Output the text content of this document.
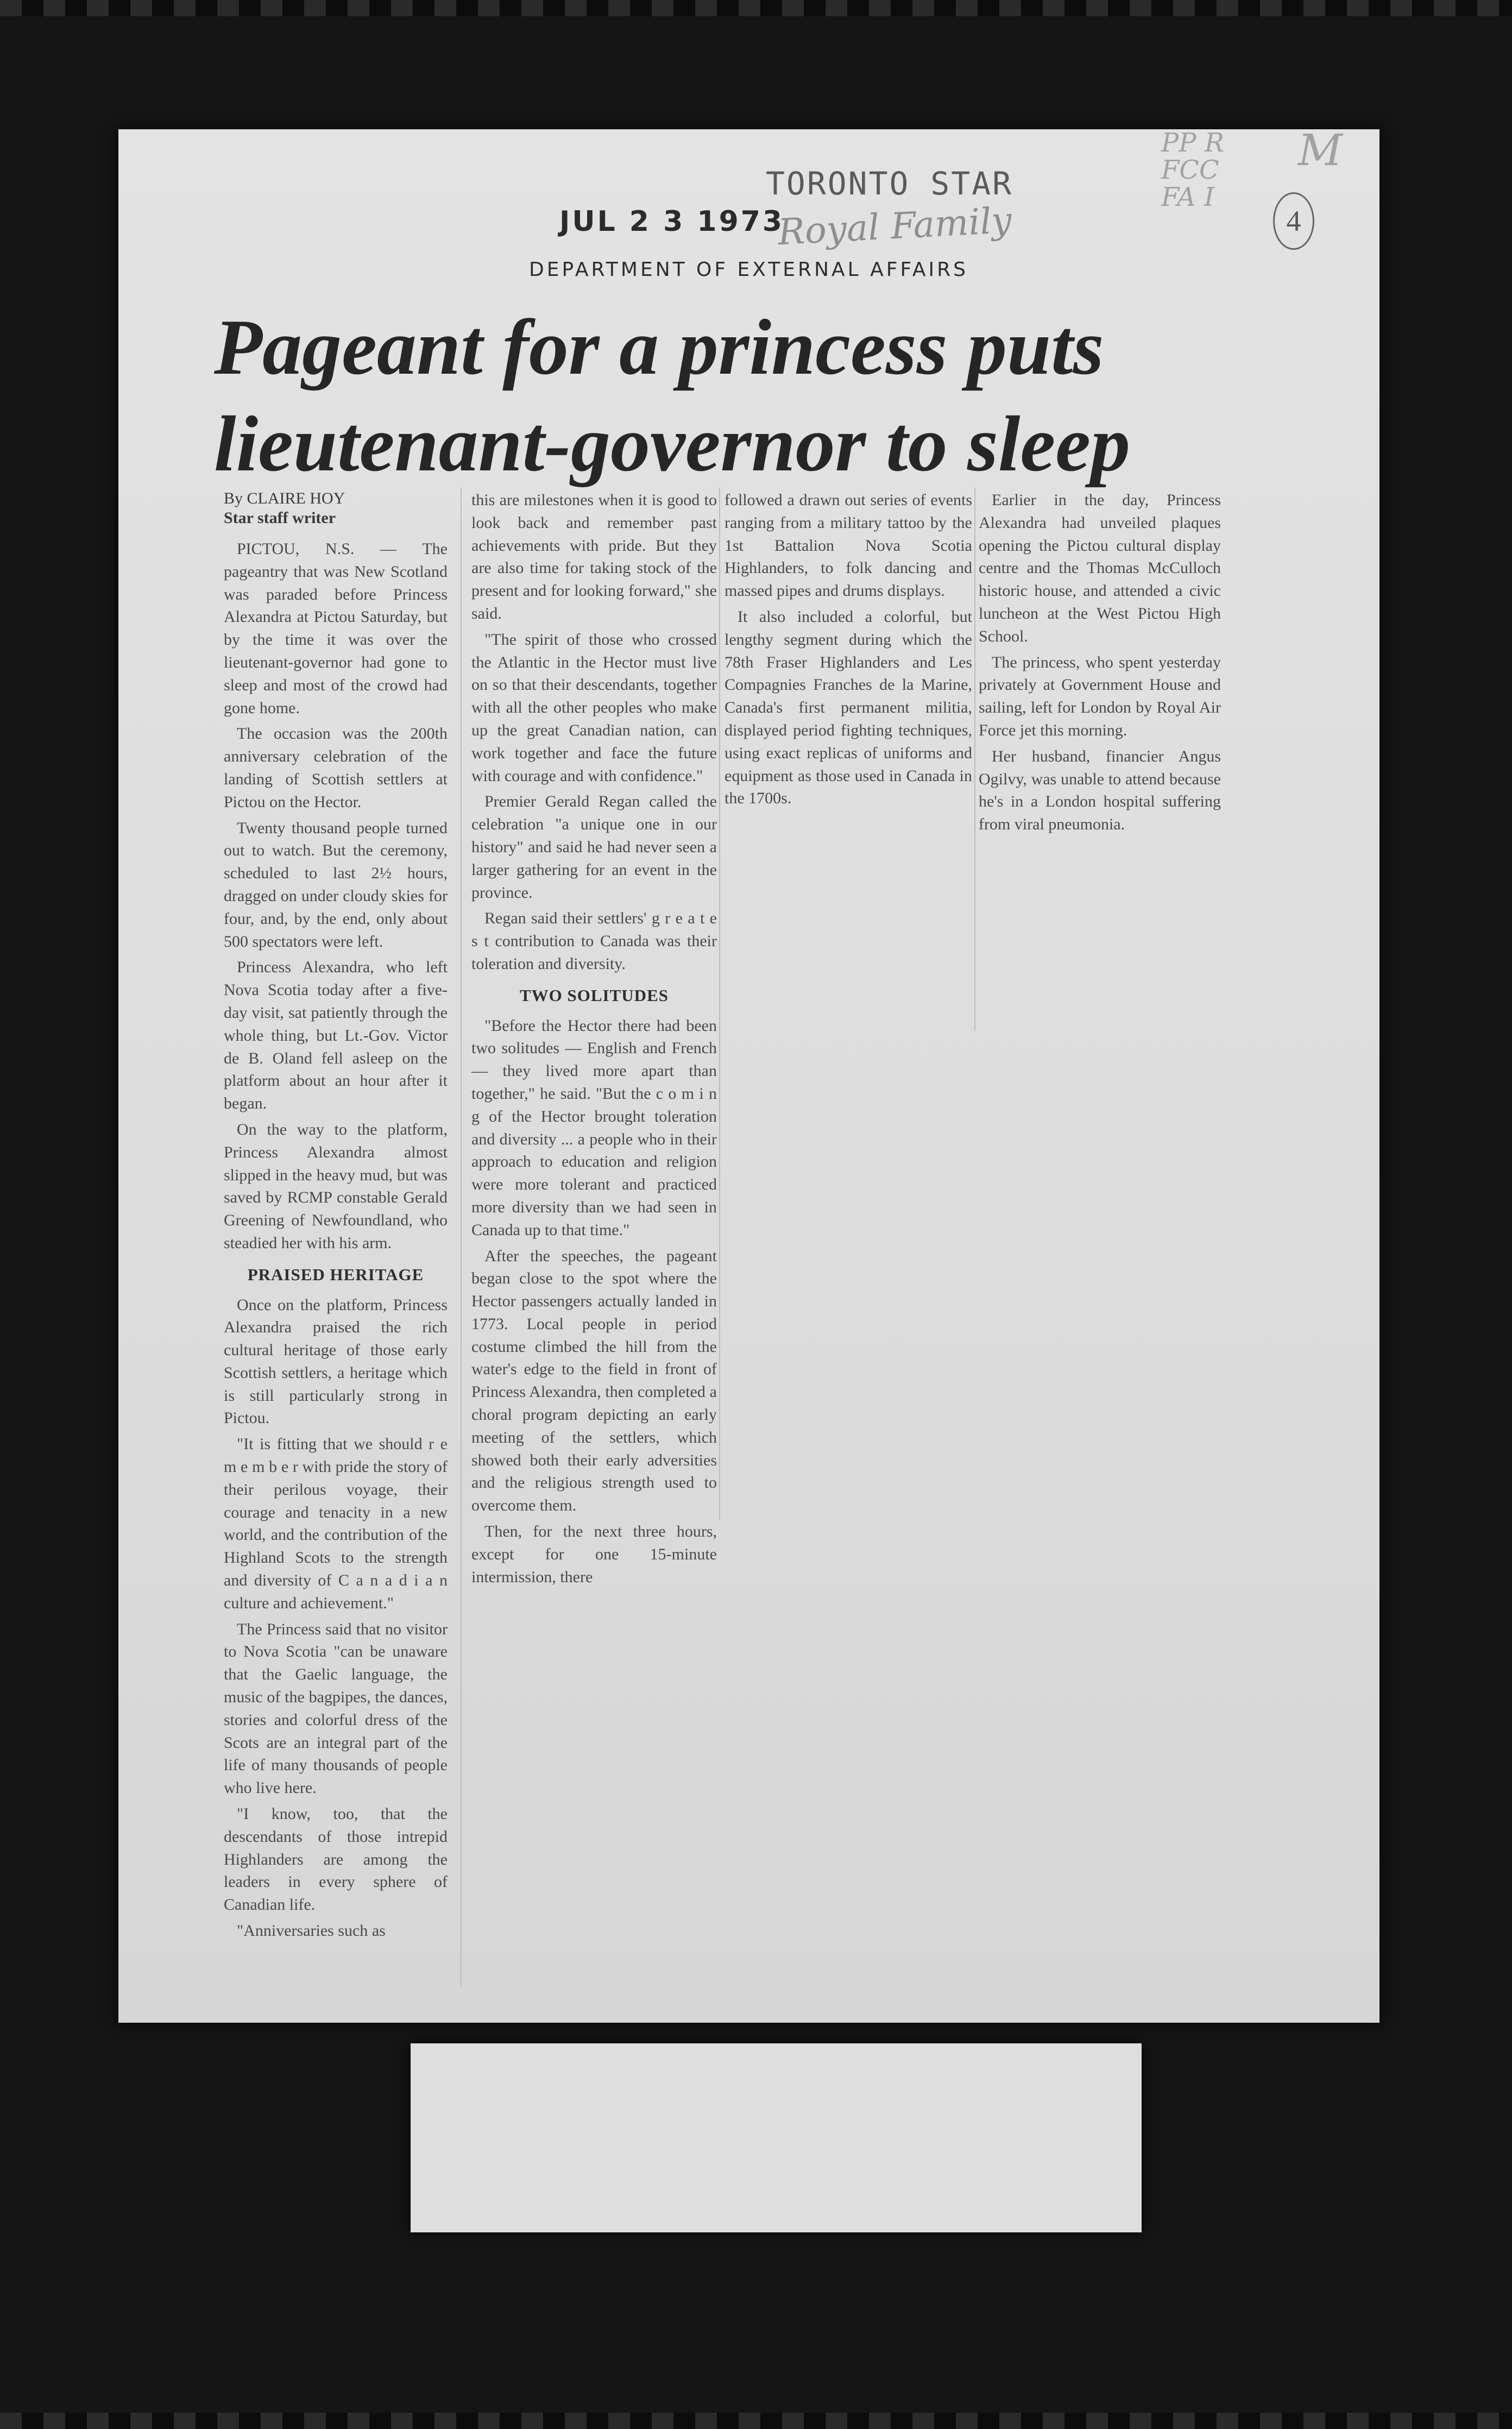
PP R
FCC
FA I
M
4
TORONTO STAR
JUL 2 3 1973
Royal Family
DEPARTMENT OF EXTERNAL AFFAIRS
Pageant for a princess puts lieutenant-governor to sleep
By CLAIRE HOY
Star staff writer

PICTOU, N.S. — The pageantry that was New Scotland was paraded before Princess Alexandra at Pictou Saturday, but by the time it was over the lieutenant-governor had gone to sleep and most of the crowd had gone home.

The occasion was the 200th anniversary celebration of the landing of Scottish settlers at Pictou on the Hector.

Twenty thousand people turned out to watch. But the ceremony, scheduled to last 2½ hours, dragged on under cloudy skies for four, and, by the end, only about 500 spectators were left.

Princess Alexandra, who left Nova Scotia today after a five-day visit, sat patiently through the whole thing, but Lt.-Gov. Victor de B. Oland fell asleep on the platform about an hour after it began.

On the way to the platform, Princess Alexandra almost slipped in the heavy mud, but was saved by RCMP constable Gerald Greening of Newfoundland, who steadied her with his arm.

PRAISED HERITAGE

Once on the platform, Princess Alexandra praised the rich cultural heritage of those early Scottish settlers, a heritage which is still particularly strong in Pictou.

"It is fitting that we should r e m e m b e r with pride the story of their perilous voyage, their courage and tenacity in a new world, and the contribution of the Highland Scots to the strength and diversity of C a n a d i a n culture and achievement."

The Princess said that no visitor to Nova Scotia "can be unaware that the Gaelic language, the music of the bagpipes, the dances, stories and colorful dress of the Scots are an integral part of the life of many thousands of people who live here.

"I know, too, that the descendants of those intrepid Highlanders are among the leaders in every sphere of Canadian life.

"Anniversaries such as

this are milestones when it is good to look back and remember past achievements with pride. But they are also time for taking stock of the present and for looking forward," she said.

"The spirit of those who crossed the Atlantic in the Hector must live on so that their descendants, together with all the other peoples who make up the great Canadian nation, can work together and face the future with courage and with confidence."

Premier Gerald Regan called the celebration "a unique one in our history" and said he had never seen a larger gathering for an event in the province.

Regan said their settlers' g r e a t e s t contribution to Canada was their toleration and diversity.

TWO SOLITUDES

"Before the Hector there had been two solitudes — English and French — they lived more apart than together," he said. "But the c o m i n g of the Hector brought toleration and diversity ... a people who in their approach to education and religion were more tolerant and practiced more diversity than we had seen in Canada up to that time."

After the speeches, the pageant began close to the spot where the Hector passengers actually landed in 1773. Local people in period costume climbed the hill from the water's edge to the field in front of Princess Alexandra, then completed a choral program depicting an early meeting of the settlers, which showed both their early adversities and the religious strength used to overcome them.

Then, for the next three hours, except for one 15-minute intermission, there

followed a drawn out series of events ranging from a military tattoo by the 1st Battalion Nova Scotia Highlanders, to folk dancing and massed pipes and drums displays.

It also included a colorful, but lengthy segment during which the 78th Fraser Highlanders and Les Compagnies Franches de la Marine, Canada's first permanent militia, displayed period fighting techniques, using exact replicas of uniforms and equipment as those used in Canada in the 1700s.

Earlier in the day, Princess Alexandra had unveiled plaques opening the Pictou cultural display centre and the Thomas McCulloch historic house, and attended a civic luncheon at the West Pictou High School.

The princess, who spent yesterday privately at Government House and sailing, left for London by Royal Air Force jet this morning.

Her husband, financier Angus Ogilvy, was unable to attend because he's in a London hospital suffering from viral pneumonia.
